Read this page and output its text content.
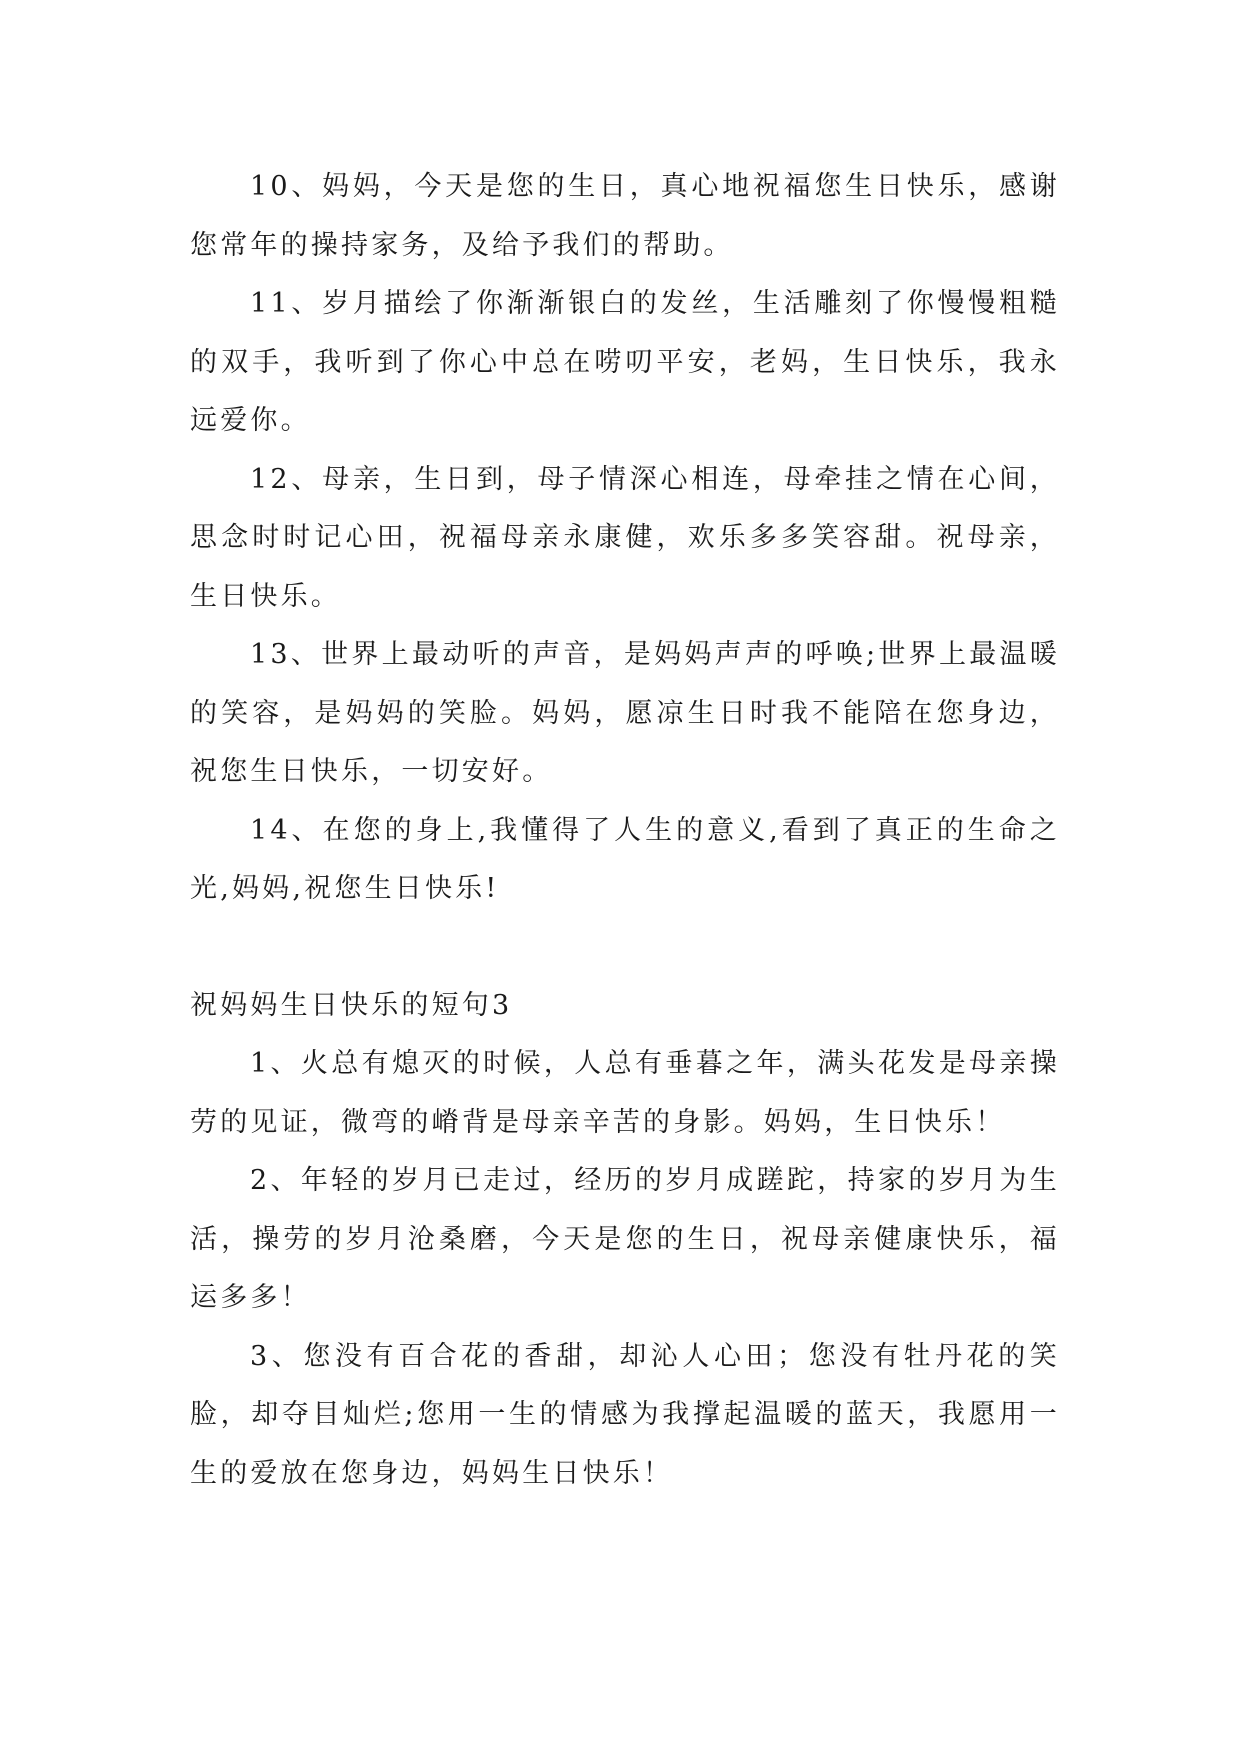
10、妈妈，今天是您的生日，真心地祝福您生日快乐，感谢您常年的操持家务，及给予我们的帮助。

11、岁月描绘了你渐渐银白的发丝，生活雕刻了你慢慢粗糙的双手，我听到了你心中总在唠叨平安，老妈，生日快乐，我永远爱你。

12、母亲，生日到，母子情深心相连，母牵挂之情在心间，思念时时记心田，祝福母亲永康健，欢乐多多笑容甜。祝母亲，生日快乐。

13、世界上最动听的声音，是妈妈声声的呼唤;世界上最温暖的笑容，是妈妈的笑脸。妈妈，愿凉生日时我不能陪在您身边，祝您生日快乐，一切安好。

14、在您的身上,我懂得了人生的意义,看到了真正的生命之光,妈妈,祝您生日快乐!

祝妈妈生日快乐的短句3

1、火总有熄灭的时候，人总有垂暮之年，满头花发是母亲操劳的见证，微弯的嵴背是母亲辛苦的身影。妈妈，生日快乐！

2、年轻的岁月已走过，经历的岁月成蹉跎，持家的岁月为生活，操劳的岁月沧桑磨，今天是您的生日，祝母亲健康快乐，福运多多！

3、您没有百合花的香甜，却沁人心田；您没有牡丹花的笑脸，却夺目灿烂;您用一生的情感为我撑起温暖的蓝天，我愿用一生的爱放在您身边，妈妈生日快乐！
